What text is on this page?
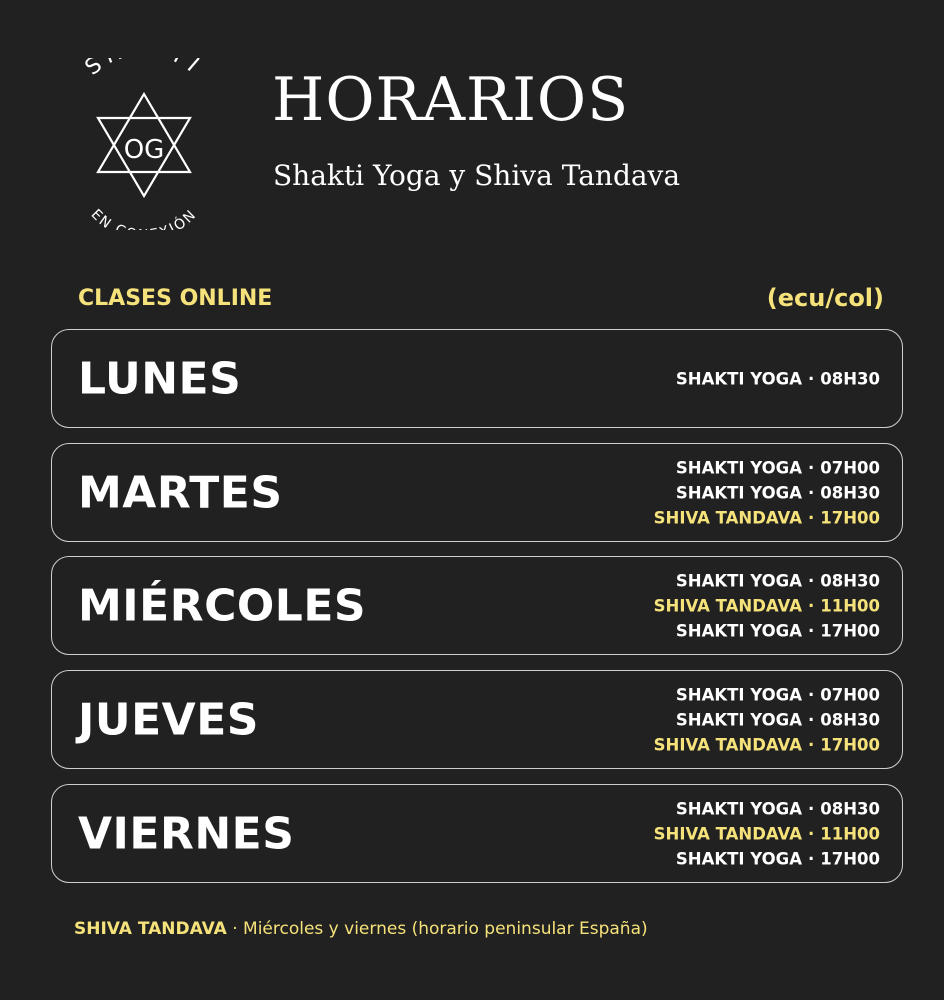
S I
EN IÓN
OG
HORARIOS
Shakti Yoga y Shiva Tandava
CLASES ONLINE	(ecu/col)
LUNES	SHAKTI YOGA · 08H30
MARTES	SHAKTI YOGA · 07H00
SHAKTI YOGA · 08H30
SHIVA TANDAVA · 17H00
MIÉRCOLES	SHAKTI YOGA · 08H30
SHIVA TANDAVA · 11H00
SHAKTI YOGA · 17H00
JUEVES	SHAKTI YOGA · 07H00
SHAKTI YOGA · 08H30
SHIVA TANDAVA · 17H00
VIERNES	SHAKTI YOGA · 08H30
SHIVA TANDAVA · 11H00
SHAKTI YOGA · 17H00
SHIVA TANDAVA · Miércoles y viernes (horario peninsular España)
